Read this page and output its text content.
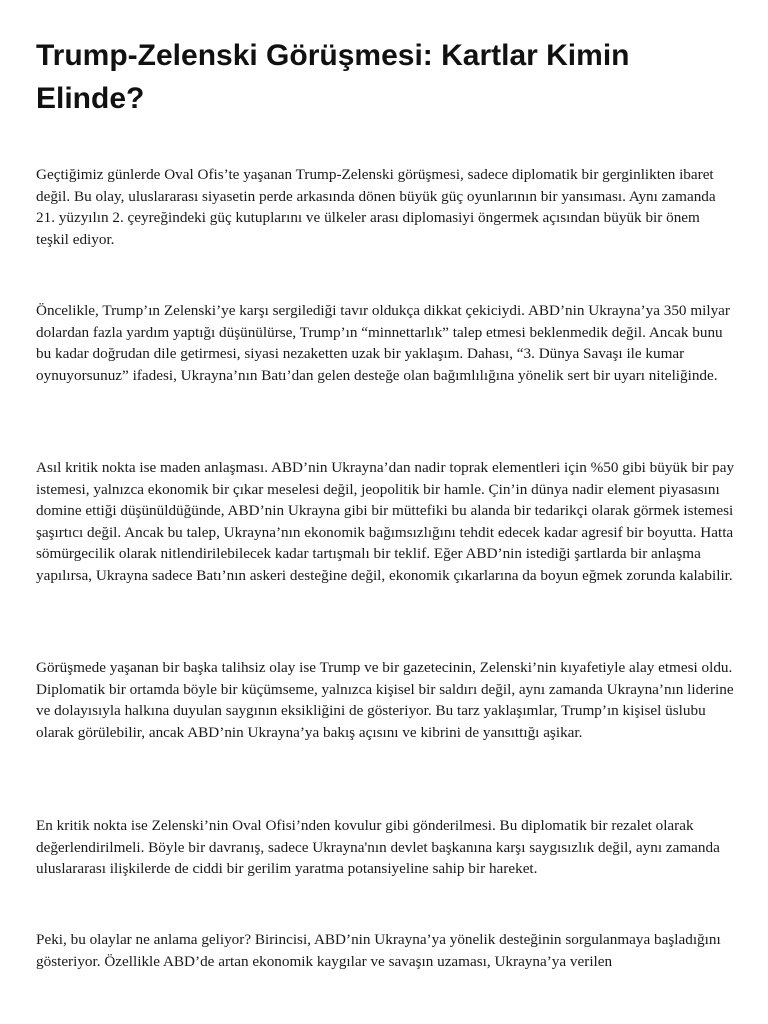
Trump-Zelenski Görüşmesi: Kartlar Kimin Elinde?

Geçtiğimiz günlerde Oval Ofis’te yaşanan Trump-Zelenski görüşmesi, sadece diplomatik bir gerginlikten ibaret değil. Bu olay, uluslararası siyasetin perde arkasında dönen büyük güç oyunlarının bir yansıması. Aynı zamanda 21. yüzyılın 2. çeyreğindeki güç kutuplarını ve ülkeler arası diplomasiyi öngermek açısından büyük bir önem teşkil ediyor.

Öncelikle, Trump’ın Zelenski’ye karşı sergilediği tavır oldukça dikkat çekiciydi. ABD’nin Ukrayna’ya 350 milyar dolardan fazla yardım yaptığı düşünülürse, Trump’ın “minnettarlık” talep etmesi beklenmedik değil. Ancak bunu bu kadar doğrudan dile getirmesi, siyasi nezaketten uzak bir yaklaşım. Dahası, “3. Dünya Savaşı ile kumar oynuyorsunuz” ifadesi, Ukrayna’nın Batı’dan gelen desteğe olan bağımlılığına yönelik sert bir uyarı niteliğinde.

Asıl kritik nokta ise maden anlaşması. ABD’nin Ukrayna’dan nadir toprak elementleri için %50 gibi büyük bir pay istemesi, yalnızca ekonomik bir çıkar meselesi değil, jeopolitik bir hamle. Çin’in dünya nadir element piyasasını domine ettiği düşünüldüğünde, ABD’nin Ukrayna gibi bir müttefiki bu alanda bir tedarikçi olarak görmek istemesi şaşırtıcı değil. Ancak bu talep, Ukrayna’nın ekonomik bağımsızlığını tehdit edecek kadar agresif bir boyutta. Hatta sömürgecilik olarak nitlendirilebilecek kadar tartışmalı bir teklif. Eğer ABD’nin istediği şartlarda bir anlaşma yapılırsa, Ukrayna sadece Batı’nın askeri desteğine değil, ekonomik çıkarlarına da boyun eğmek zorunda kalabilir.

Görüşmede yaşanan bir başka talihsiz olay ise Trump ve bir gazetecinin, Zelenski’nin kıyafetiyle alay etmesi oldu. Diplomatik bir ortamda böyle bir küçümseme, yalnızca kişisel bir saldırı değil, aynı zamanda Ukrayna’nın liderine ve dolayısıyla halkına duyulan saygının eksikliğini de gösteriyor. Bu tarz yaklaşımlar, Trump’ın kişisel üslubu olarak görülebilir, ancak ABD’nin Ukrayna’ya bakış açısını ve kibrini de yansıttığı aşikar.

En kritik nokta ise Zelenski’nin Oval Ofisi’nden kovulur gibi gönderilmesi. Bu diplomatik bir rezalet olarak değerlendirilmeli. Böyle bir davranış, sadece Ukrayna'nın devlet başkanına karşı saygısızlık değil, aynı zamanda uluslararası ilişkilerde de ciddi bir gerilim yaratma potansiyeline sahip bir hareket.

Peki, bu olaylar ne anlama geliyor? Birincisi, ABD’nin Ukrayna’ya yönelik desteğinin sorgulanmaya başladığını gösteriyor. Özellikle ABD’de artan ekonomik kaygılar ve savaşın uzaması, Ukrayna’ya verilen
